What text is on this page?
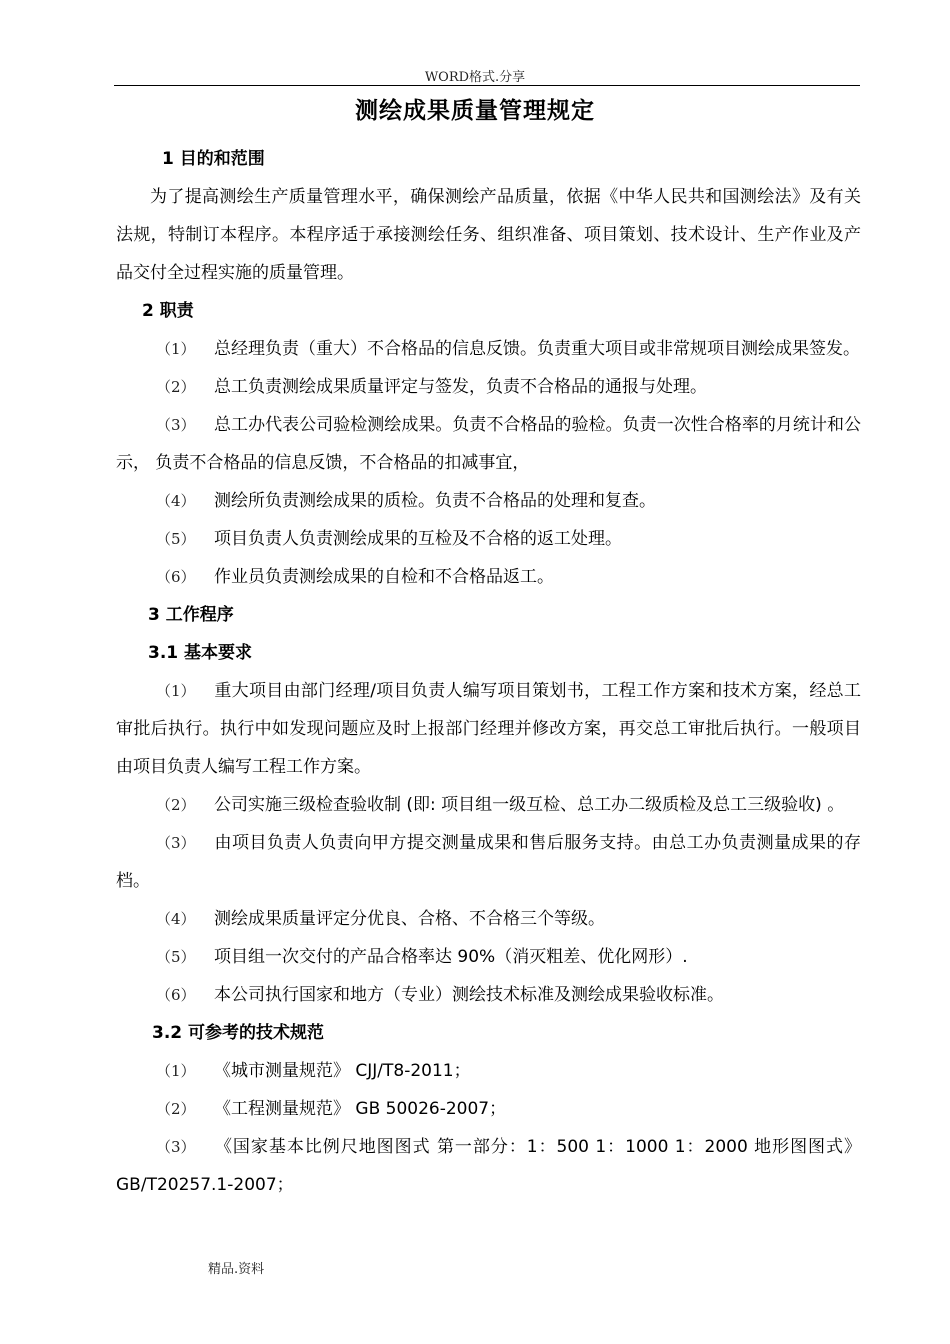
WORD格式.分享
测绘成果质量管理规定
1 目的和范围
为了提高测绘生产质量管理水平，确保测绘产品质量，依据《中华人民共和国测绘法》及有关法规，特制订本程序。本程序适于承接测绘任务、组织准备、项目策划、技术设计、生产作业及产品交付全过程实施的质量管理。
2 职责
（1） 总经理负责（重大）不合格品的信息反馈。负责重大项目或非常规项目测绘成果签发。
（2） 总工负责测绘成果质量评定与签发，负责不合格品的通报与处理。
（3） 总工办代表公司验检测绘成果。负责不合格品的验检。负责一次性合格率的月统计和公示， 负责不合格品的信息反馈，不合格品的扣减事宜，
（4） 测绘所负责测绘成果的质检。负责不合格品的处理和复查。
（5） 项目负责人负责测绘成果的互检及不合格的返工处理。
（6） 作业员负责测绘成果的自检和不合格品返工。
3 工作程序
3.1 基本要求
（1） 重大项目由部门经理/项目负责人编写项目策划书，工程工作方案和技术方案，经总工审批后执行。执行中如发现问题应及时上报部门经理并修改方案，再交总工审批后执行。一般项目由项目负责人编写工程工作方案。
（2） 公司实施三级检查验收制 (即: 项目组一级互检、总工办二级质检及总工三级验收) 。
（3） 由项目负责人负责向甲方提交测量成果和售后服务支持。由总工办负责测量成果的存档。
（4） 测绘成果质量评定分优良、合格、不合格三个等级。
（5） 项目组一次交付的产品合格率达 90%（消灭粗差、优化网形）.
（6） 本公司执行国家和地方（专业）测绘技术标准及测绘成果验收标准。
3.2 可参考的技术规范
（1） 《城市测量规范》 CJJ/T8-2011；
（2） 《工程测量规范》 GB 50026-2007；
（3） 《国家基本比例尺地图图式 第一部分：1：500 1：1000 1：2000 地形图图式》GB/T20257.1-2007；
精品.资料
